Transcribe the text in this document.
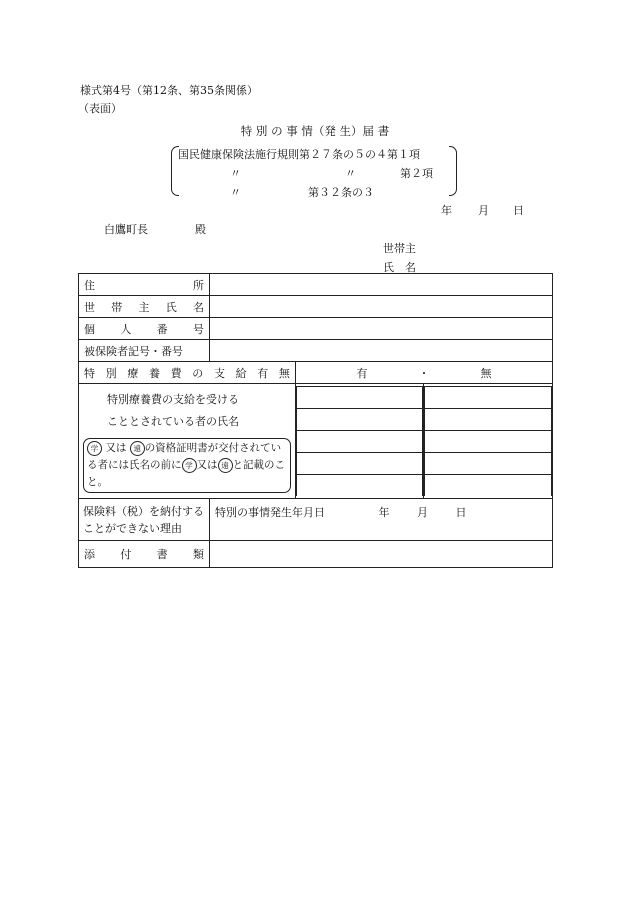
様式第4号（第12条、第35条関係）
（表面）
特 別 の 事 情（発 生）届 書
国民健康保険法施行規則第２７条の５の４第１項
〃	〃	第２項
〃	第３２条の３
年 月 日
白鷹町長	殿
世帯主
氏　名
住	所

世 帯 主 氏 名

個 人 番 号

被保険者記号・番号	

特 別 療 養 費 の 支 給 有 無	有	・	無

特別療養費の支給を受ける
こととされている者の氏名
学 又は 遠 の資格証明書が交付されている者には氏名の前に 学 又は 遠 と記載のこと。

保険料（税）を納付することができない理由	特別の事情発生年月日	年	月	日

添 付 書 類
